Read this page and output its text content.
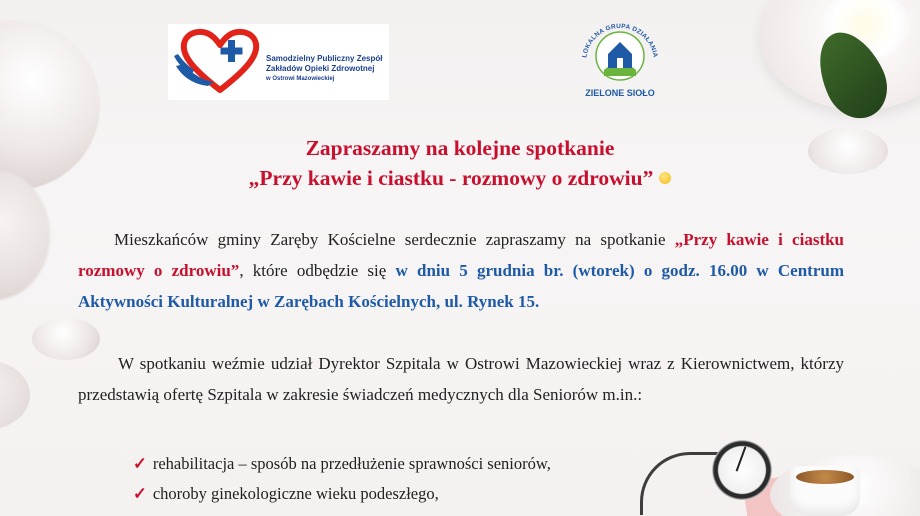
Samodzielny Publiczny Zespół
Zakładów Opieki Zdrowotnej
w Ostrowi Mazowieckiej
LOKALNA GRUPA DZIAŁANIA
ZIELONE SIOŁO
Zapraszamy na kolejne spotkanie
„Przy kawie i ciastku - rozmowy o zdrowiu”
Mieszkańców gminy Zaręby Kościelne serdecznie zapraszamy na spotkanie „Przy kawie i ciastku rozmowy o zdrowiu”, które odbędzie się w dniu 5 grudnia br. (wtorek) o godz. 16.00 w Centrum Aktywności Kulturalnej w Zarębach Kościelnych, ul. Rynek 15.
W spotkaniu weźmie udział Dyrektor Szpitala w Ostrowi Mazowieckiej wraz z Kierownictwem, którzy przedstawią ofertę Szpitala w zakresie świadczeń medycznych dla Seniorów m.in.:
✓ rehabilitacja – sposób na przedłużenie sprawności seniorów,
✓ choroby ginekologiczne wieku podeszłego,
